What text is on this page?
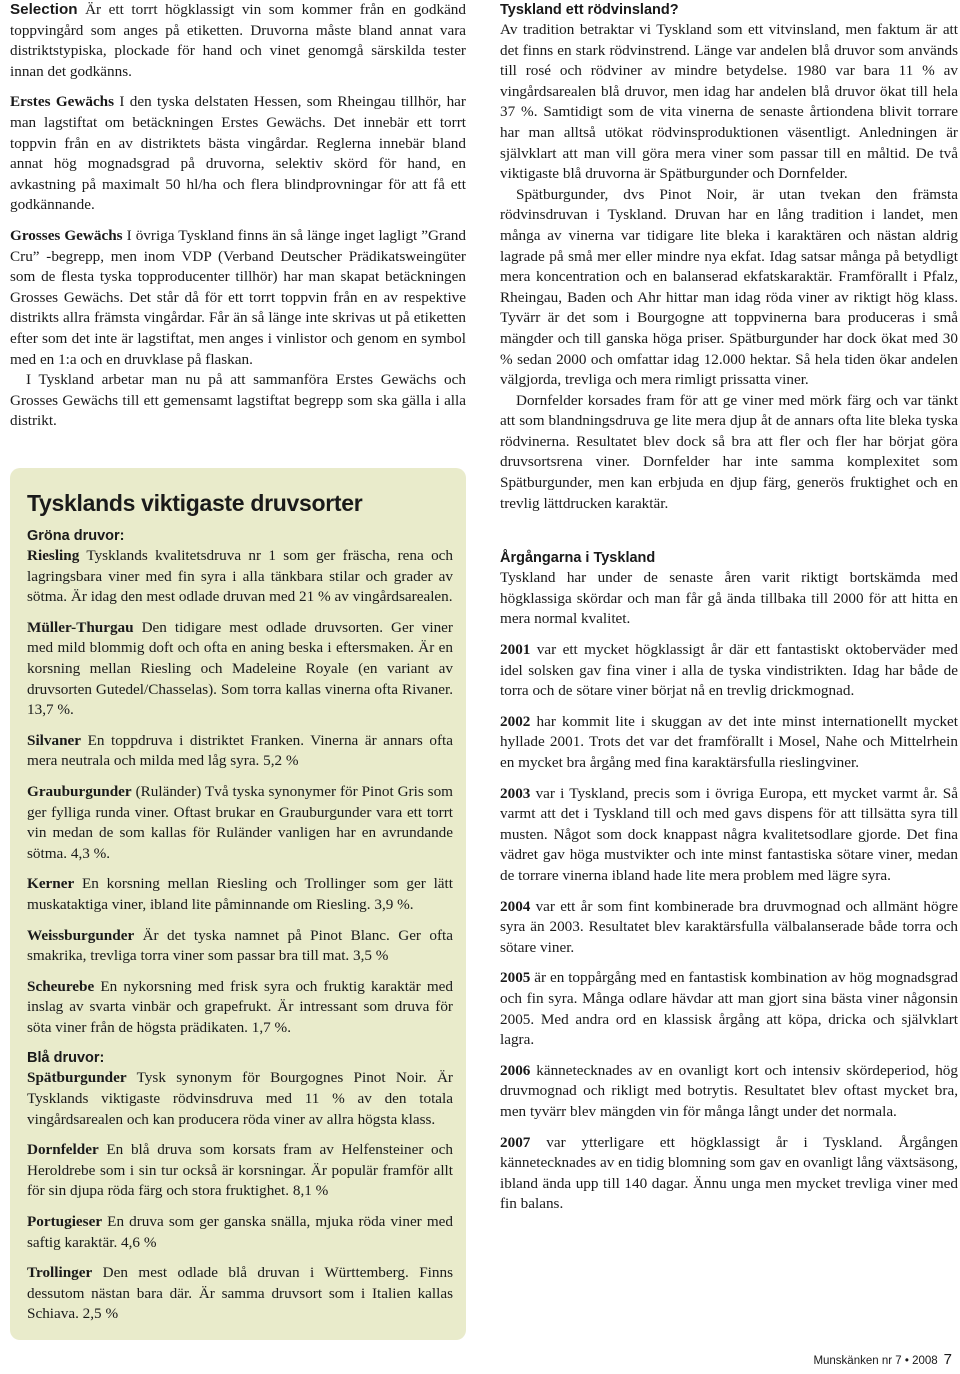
Selection Är ett torrt högklassigt vin som kommer från en godkänd toppvingård som anges på etiketten. Druvorna måste bland annat vara distriktstypiska, plockade för hand och vinet genomgå särskilda tester innan det godkänns.

Erstes Gewächs I den tyska delstaten Hessen, som Rheingau tillhör, har man lagstiftat om betäckningen Erstes Gewächs. Det innebär ett torrt toppvin från en av distriktets bästa vingårdar. Reglerna innebär bland annat hög mognadsgrad på druvorna, selektiv skörd för hand, en avkastning på maximalt 50 hl/ha och flera blindprovningar för att få ett godkännande.

Grosses Gewächs I övriga Tyskland finns än så länge inget lagligt ”Grand Cru” -begrepp, men inom VDP (Verband Deutscher Prädikatsweingüter som de flesta tyska topproducenter tillhör) har man skapat betäckningen Grosses Gewächs. Det står då för ett torrt toppvin från en av respektive distrikts allra främsta vingårdar. Får än så länge inte skrivas ut på etiketten efter som det inte är lagstiftat, men anges i vinlistor och genom en symbol med en 1:a och en druvklase på flaskan.

I Tyskland arbetar man nu på att sammanföra Erstes Gewächs och Grosses Gewächs till ett gemensamt lagstiftat begrepp som ska gälla i alla distrikt.

Tysklands viktigaste druvsorter
Gröna druvor:

Riesling Tysklands kvalitetsdruva nr 1 som ger fräscha, rena och lagringsbara viner med fin syra i alla tänkbara stilar och grader av sötma. Är idag den mest odlade druvan med 21 % av vingårdsarealen.

Müller-Thurgau Den tidigare mest odlade druvsorten. Ger viner med mild blommig doft och ofta en aning beska i eftersmaken. Är en korsning mellan Riesling och Madeleine Royale (en variant av druvsorten Gutedel/Chasselas). Som torra kallas vinerna ofta Rivaner. 13,7 %.

Silvaner En toppdruva i distriktet Franken. Vinerna är annars ofta mera neutrala och milda med låg syra. 5,2 %

Grauburgunder (Ruländer) Två tyska synonymer för Pinot Gris som ger fylliga runda viner. Oftast brukar en Grauburgunder vara ett torrt vin medan de som kallas för Ruländer vanligen har en avrundande sötma. 4,3 %.

Kerner En korsning mellan Riesling och Trollinger som ger lätt muskataktiga viner, ibland lite påminnande om Riesling. 3,9 %.

Weissburgunder Är det tyska namnet på Pinot Blanc. Ger ofta smakrika, trevliga torra viner som passar bra till mat. 3,5 %

Scheurebe En nykorsning med frisk syra och fruktig karaktär med inslag av svarta vinbär och grapefrukt. Är intressant som druva för söta viner från de högsta prädikaten. 1,7 %.

Blå druvor:

Spätburgunder Tysk synonym för Bourgognes Pinot Noir. Är Tysklands viktigaste rödvinsdruva med 11 % av den totala vingårdsarealen och kan producera röda viner av allra högsta klass.

Dornfelder En blå druva som korsats fram av Helfensteiner och Heroldrebe som i sin tur också är korsningar. Är populär framför allt för sin djupa röda färg och stora fruktighet. 8,1 %

Portugieser En druva som ger ganska snälla, mjuka röda viner med saftig karaktär. 4,6 %

Trollinger Den mest odlade blå druvan i Württemberg. Finns dessutom nästan bara där. Är samma druvsort som i Italien kallas Schiava. 2,5 %

Tyskland ett rödvinsland?

Av tradition betraktar vi Tyskland som ett vitvinsland, men faktum är att det finns en stark rödvinstrend. Länge var andelen blå druvor som används till rosé och rödviner av mindre betydelse. 1980 var bara 11 % av vingårdsarealen blå druvor, men idag har andelen blå druvor ökat till hela 37 %. Samtidigt som de vita vinerna de senaste årtiondena blivit torrare har man alltså utökat rödvinsproduktionen väsentligt. Anledningen är självklart att man vill göra mera viner som passar till en måltid. De två viktigaste blå druvorna är Spätburgunder och Dornfelder.

Spätburgunder, dvs Pinot Noir, är utan tvekan den främsta rödvinsdruvan i Tyskland. Druvan har en lång tradition i landet, men många av vinerna var tidigare lite bleka i karaktären och nästan aldrig lagrade på små mer eller mindre nya ekfat. Idag satsar många på betydligt mera koncentration och en balanserad ekfatskaraktär. Framförallt i Pfalz, Rheingau, Baden och Ahr hittar man idag röda viner av riktigt hög klass. Tyvärr är det som i Bourgogne att toppvinerna bara produceras i små mängder och till ganska höga priser. Spätburgunder har dock ökat med 30 % sedan 2000 och omfattar idag 12.000 hektar. Så hela tiden ökar andelen välgjorda, trevliga och mera rimligt prissatta viner.

Dornfelder korsades fram för att ge viner med mörk färg och var tänkt att som blandningsdruva ge lite mera djup åt de annars ofta lite bleka tyska rödvinerna. Resultatet blev dock så bra att fler och fler har börjat göra druvsortsrena viner. Dornfelder har inte samma komplexitet som Spätburgunder, men kan erbjuda en djup färg, generös fruktighet och en trevlig lättdrucken karaktär.

Årgångarna i Tyskland

Tyskland har under de senaste åren varit riktigt bortskämda med högklassiga skördar och man får gå ända tillbaka till 2000 för att hitta en mera normal kvalitet.

2001 var ett mycket högklassigt år där ett fantastiskt oktoberväder med idel solsken gav fina viner i alla de tyska vindistrikten. Idag har både de torra och de sötare viner börjat nå en trevlig drickmognad.

2002 har kommit lite i skuggan av det inte minst internationellt mycket hyllade 2001. Trots det var det framförallt i Mosel, Nahe och Mittelrhein en mycket bra årgång med fina karaktärsfulla rieslingviner.

2003 var i Tyskland, precis som i övriga Europa, ett mycket varmt år. Så varmt att det i Tyskland till och med gavs dispens för att tillsätta syra till musten. Något som dock knappast några kvalitetsodlare gjorde. Det fina vädret gav höga mustvikter och inte minst fantastiska sötare viner, medan de torrare vinerna ibland hade lite mera problem med lägre syra.

2004 var ett år som fint kombinerade bra druvmognad och allmänt högre syra än 2003. Resultatet blev karaktärsfulla välbalanserade både torra och sötare viner.

2005 är en toppårgång med en fantastisk kombination av hög mognadsgrad och fin syra. Många odlare hävdar att man gjort sina bästa viner någonsin 2005. Med andra ord en klassisk årgång att köpa, dricka och självklart lagra.

2006 kännetecknades av en ovanligt kort och intensiv skördeperiod, hög druvmognad och rikligt med botrytis. Resultatet blev oftast mycket bra, men tyvärr blev mängden vin för många långt under det normala.

2007 var ytterligare ett högklassigt år i Tyskland. Årgången kännetecknades av en tidig blomning som gav en ovanligt lång växtsäsong, ibland ända upp till 140 dagar. Ännu unga men mycket trevliga viner med fin balans.

Munskänken nr 7 • 2008 7
